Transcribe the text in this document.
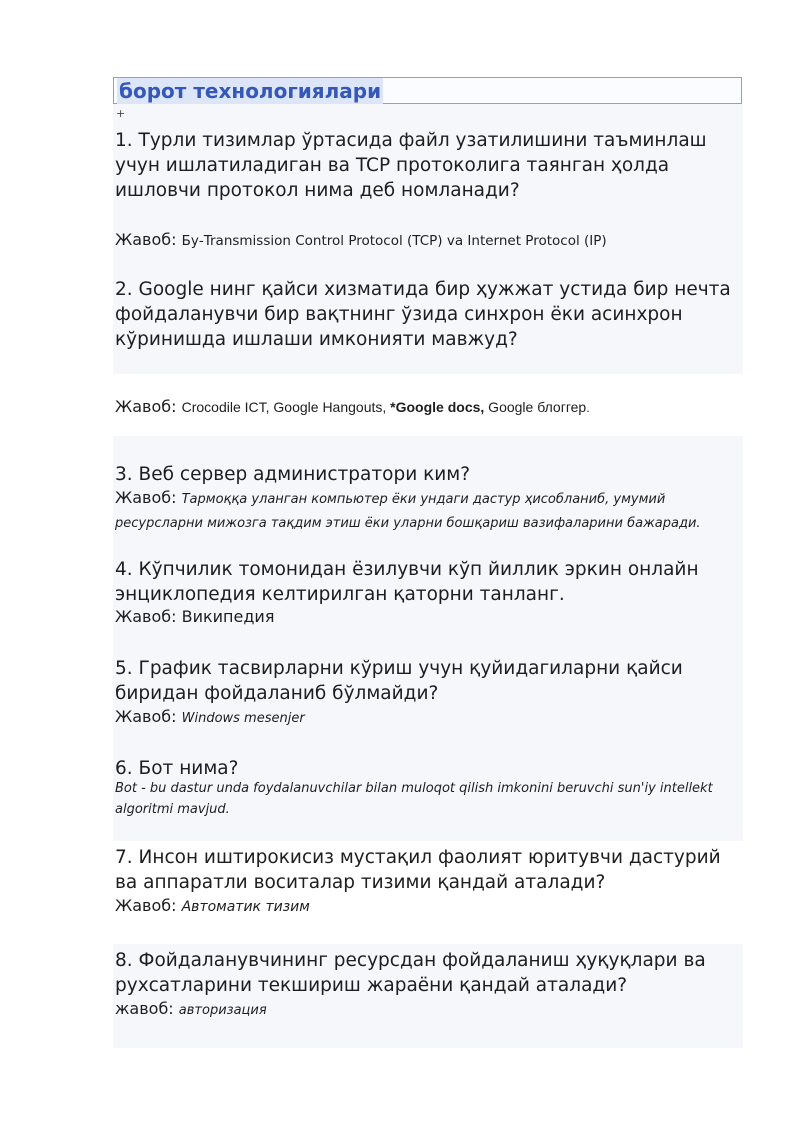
борот технологиялари
+
1. Турли тизимлар ўртасида файл узатилишини таъминлаш учун ишлатиладиган ва TCP протоколига таянган ҳолда ишловчи протокол нима деб номланади?
Жавоб: Бу-Transmission Control Protocol (TCP) va Internet Protocol (IP)
2. Google нинг қайси хизматида бир ҳужжат устида бир нечта фойдаланувчи бир вақтнинг ўзида синхрон ёки асинхрон кўринишда ишлаши имконияти мавжуд?
Жавоб: Crocodile ICT, Google Hangouts, *Google docs, Google блоггер.
3. Веб сервер администратори ким?
Жавоб: Тармоққа уланган компьютер ёки ундаги дастур ҳисобланиб, умумий ресурсларни мижозга тақдим этиш ёки уларни бошқариш вазифаларини бажаради.
4. Кўпчилик томонидан ёзилувчи кўп йиллик эркин онлайн энциклопедия келтирилган қаторни танланг.
Жавоб: Википедия
5. График тасвирларни кўриш учун қуйидагиларни қайси биридан фойдаланиб бўлмайди?
Жавоб: Windows mesenjer
6. Бот нима?
Bot - bu dastur unda foydalanuvchilar bilan muloqot qilish imkonini beruvchi sun'iy intellekt algoritmi mavjud.
7. Инсон иштирокисиз мустақил фаолият юритувчи дастурий ва аппаратли воситалар тизими қандай аталади?
Жавоб: Автоматик тизим
8. Фойдаланувчининг ресурсдан фойдаланиш ҳуқуқлари ва рухсатларини текшириш жараёни қандай аталади?
жавоб: авторизация
